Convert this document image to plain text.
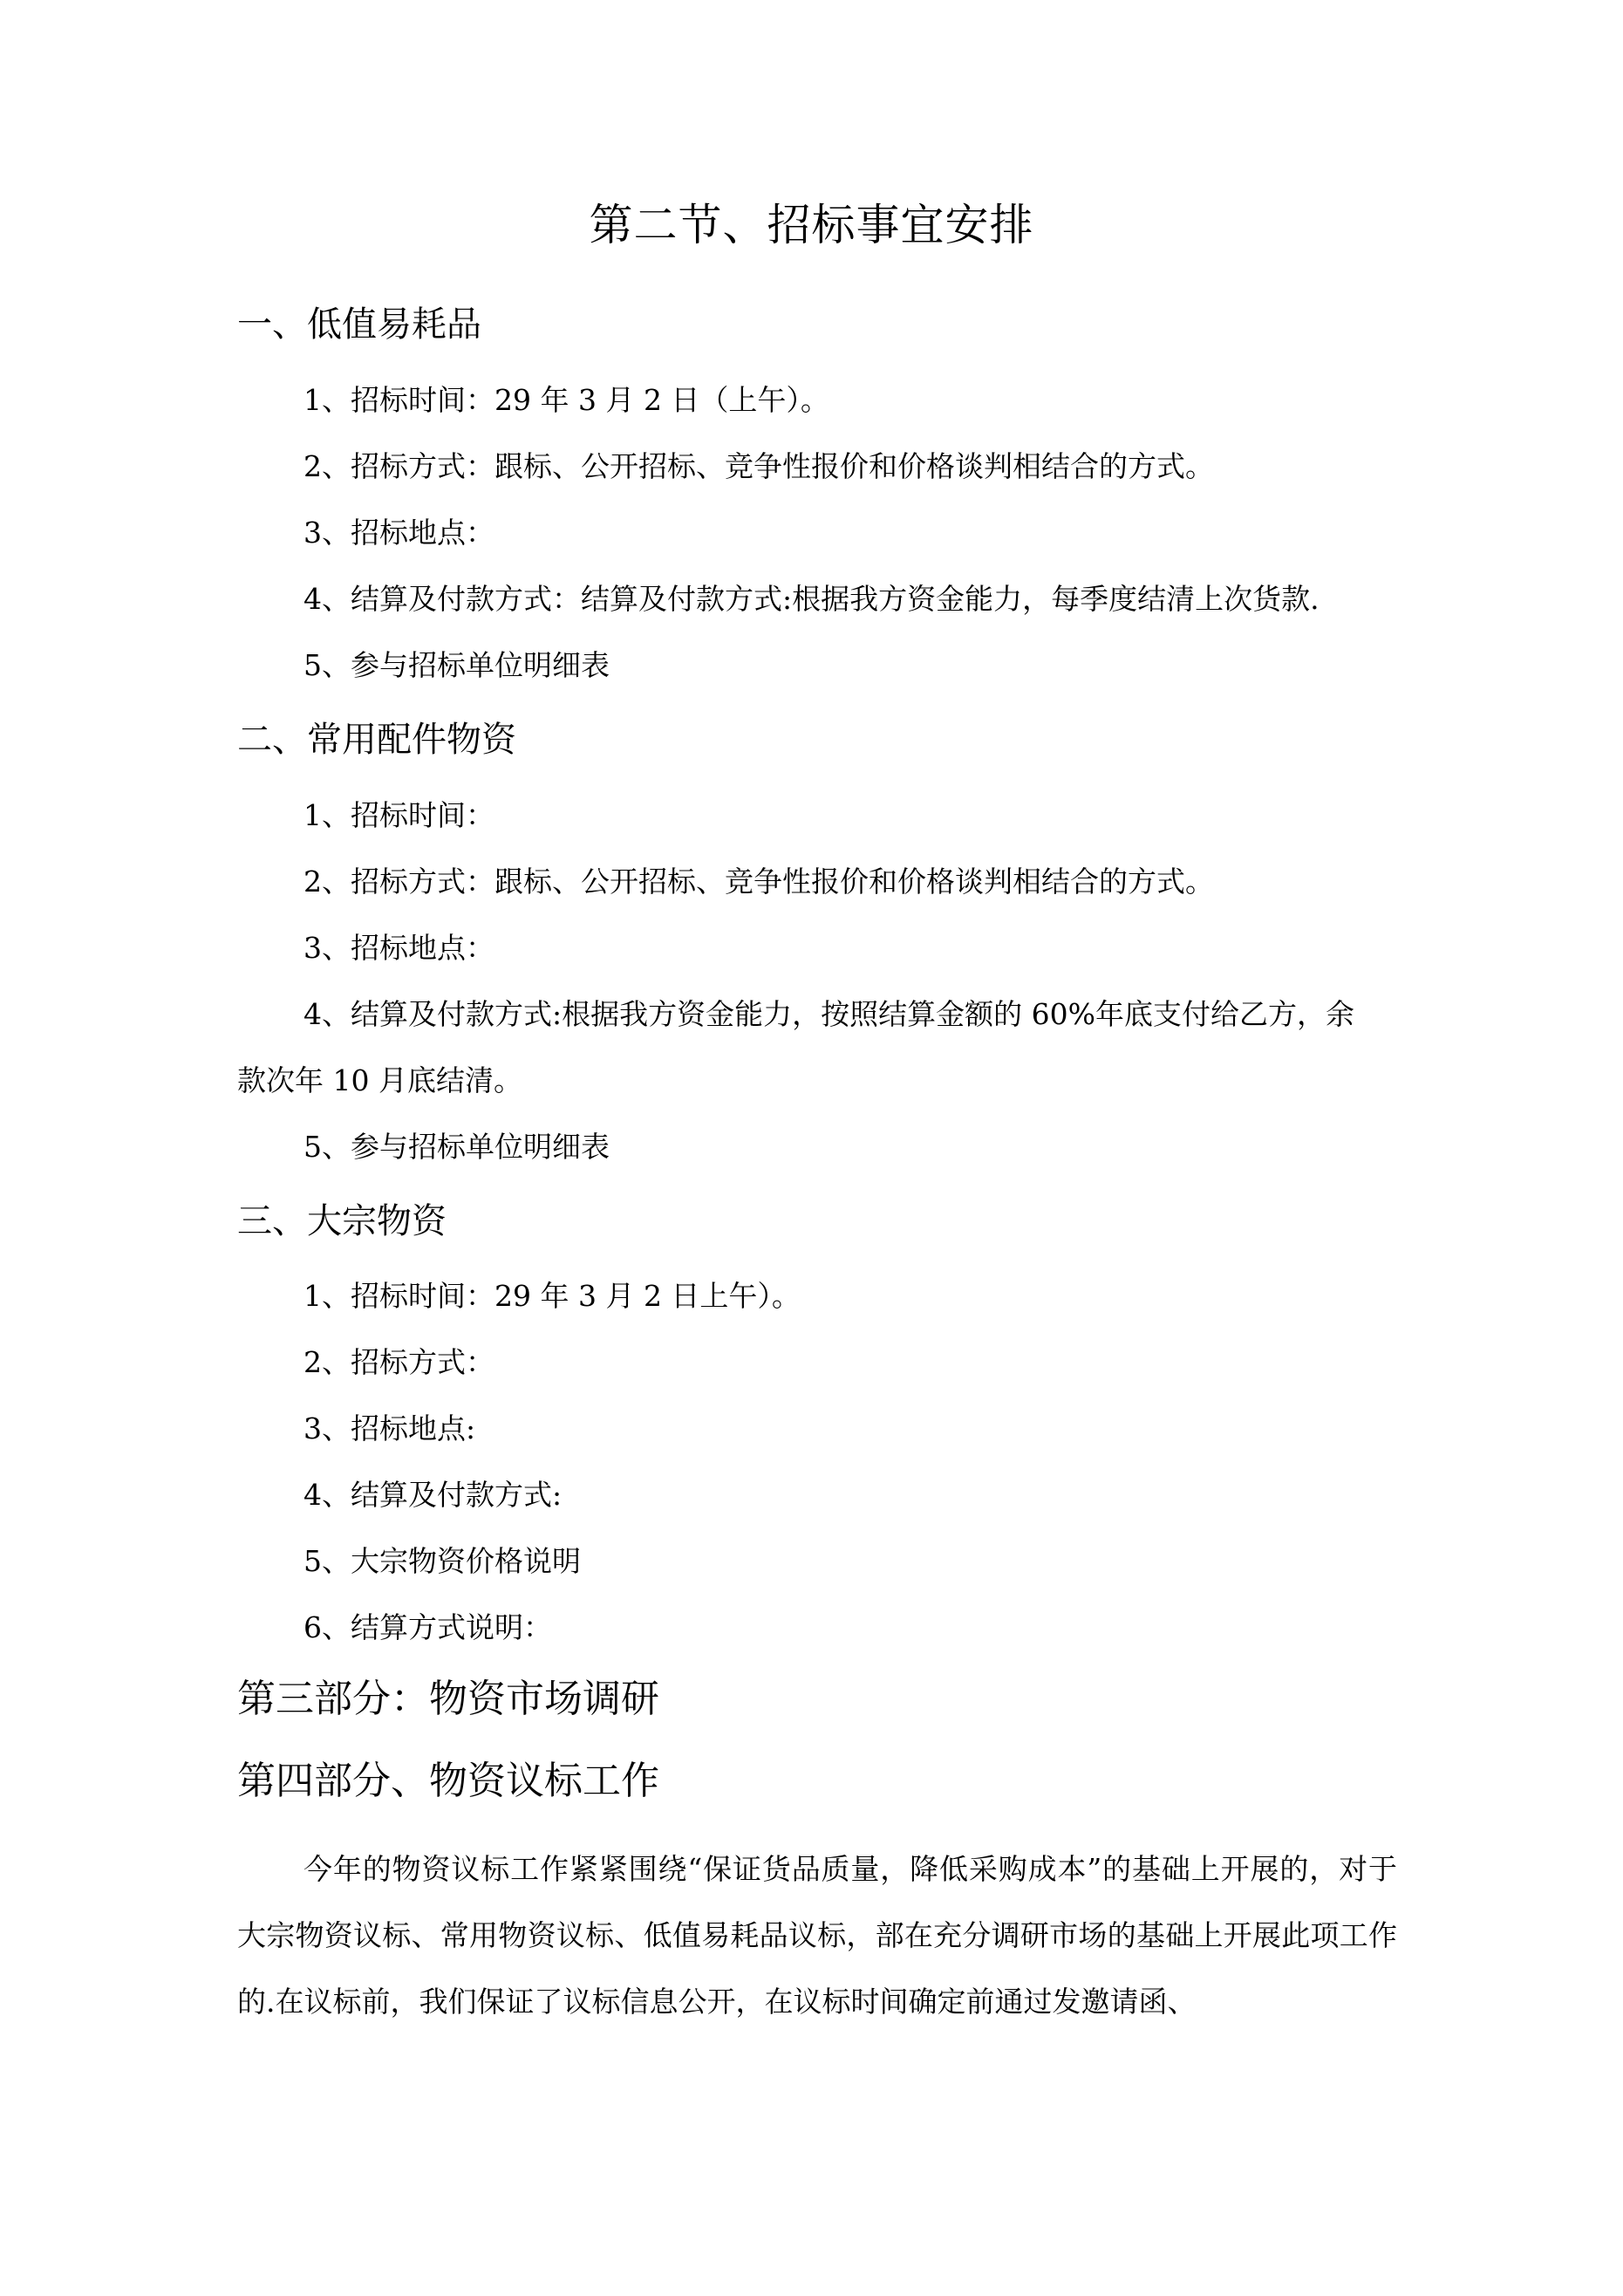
第二节、招标事宜安排
一、低值易耗品
1、招标时间：29 年 3 月 2 日（上午）。
2、招标方式：跟标、公开招标、竞争性报价和价格谈判相结合的方式。
3、招标地点：
4、结算及付款方式：结算及付款方式:根据我方资金能力，每季度结清上次货款.
5、参与招标单位明细表
二、常用配件物资
1、招标时间：
2、招标方式：跟标、公开招标、竞争性报价和价格谈判相结合的方式。
3、招标地点：
4、结算及付款方式:根据我方资金能力，按照结算金额的 60%年底支付给乙方，余
款次年 10 月底结清。
5、参与招标单位明细表
三、大宗物资
1、招标时间：29 年 3 月 2 日上午）。
2、招标方式：
3、招标地点:
4、结算及付款方式:
5、大宗物资价格说明
6、结算方式说明：
第三部分：物资市场调研
第四部分、物资议标工作
今年的物资议标工作紧紧围绕“保证货品质量，降低采购成本”的基础上开展的，对于大宗物资议标、常用物资议标、低值易耗品议标，部在充分调研市场的基础上开展此项工作的.在议标前，我们保证了议标信息公开，在议标时间确定前通过发邀请函、
